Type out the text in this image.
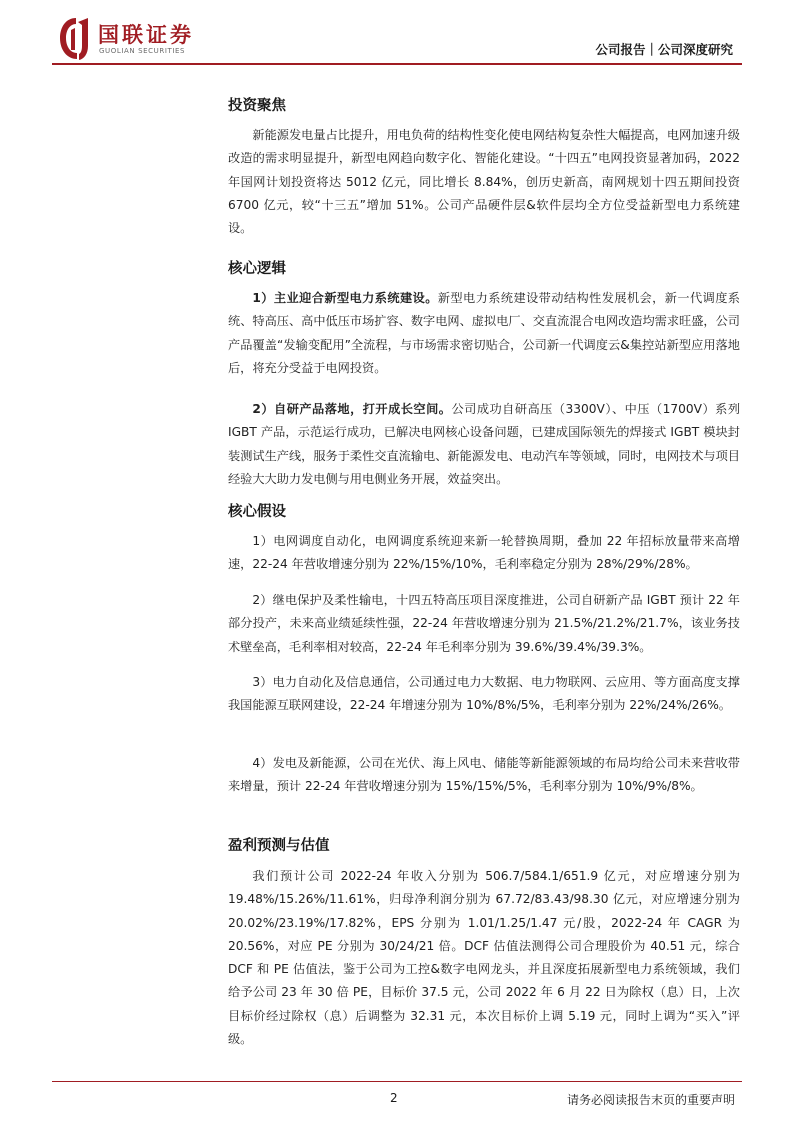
国联证券
GUOLIAN SECURITIES	公司报告｜公司深度研究
投资聚焦

新能源发电量占比提升，用电负荷的结构性变化使电网结构复杂性大幅提高，电网加速升级改造的需求明显提升，新型电网趋向数字化、智能化建设。“十四五”电网投资显著加码，2022 年国网计划投资将达 5012 亿元，同比增长 8.84%，创历史新高，南网规划十四五期间投资 6700 亿元，较“十三五”增加 51%。公司产品硬件层&软件层均全方位受益新型电力系统建设。

核心逻辑

1）主业迎合新型电力系统建设。新型电力系统建设带动结构性发展机会，新一代调度系统、特高压、高中低压市场扩容、数字电网、虚拟电厂、交直流混合电网改造均需求旺盛，公司产品覆盖“发输变配用”全流程，与市场需求密切贴合，公司新一代调度云&集控站新型应用落地后，将充分受益于电网投资。

2）自研产品落地，打开成长空间。公司成功自研高压（3300V）、中压（1700V）系列 IGBT 产品，示范运行成功，已解决电网核心设备问题，已建成国际领先的焊接式 IGBT 模块封装测试生产线，服务于柔性交直流输电、新能源发电、电动汽车等领域，同时，电网技术与项目经验大大助力发电侧与用电侧业务开展，效益突出。

核心假设

1）电网调度自动化，电网调度系统迎来新一轮替换周期，叠加 22 年招标放量带来高增速，22-24 年营收增速分别为 22%/15%/10%，毛利率稳定分别为 28%/29%/28%。

2）继电保护及柔性输电，十四五特高压项目深度推进，公司自研新产品 IGBT 预计 22 年部分投产，未来高业绩延续性强，22-24 年营收增速分别为 21.5%/21.2%/21.7%，该业务技术壁垒高，毛利率相对较高，22-24 年毛利率分别为 39.6%/39.4%/39.3%。

3）电力自动化及信息通信，公司通过电力大数据、电力物联网、云应用、等方面高度支撑我国能源互联网建设，22-24 年增速分别为 10%/8%/5%，毛利率分别为 22%/24%/26%。

4）发电及新能源，公司在光伏、海上风电、储能等新能源领域的布局均给公司未来营收带来增量，预计 22-24 年营收增速分别为 15%/15%/5%，毛利率分别为 10%/9%/8%。

盈利预测与估值

我们预计公司 2022-24 年收入分别为 506.7/584.1/651.9 亿元，对应增速分别为 19.48%/15.26%/11.61%，归母净利润分别为 67.72/83.43/98.30 亿元，对应增速分别为 20.02%/23.19%/17.82%，EPS 分别为 1.01/1.25/1.47 元/股，2022-24 年 CAGR 为 20.56%，对应 PE 分别为 30/24/21 倍。DCF 估值法测得公司合理股价为 40.51 元，综合 DCF 和 PE 估值法，鉴于公司为工控&数字电网龙头，并且深度拓展新型电力系统领域，我们给予公司 23 年 30 倍 PE，目标价 37.5 元，公司 2022 年 6 月 22 日为除权（息）日，上次目标价经过除权（息）后调整为 32.31 元，本次目标价上调 5.19 元，同时上调为“买入”评级。

2	请务必阅读报告末页的重要声明
